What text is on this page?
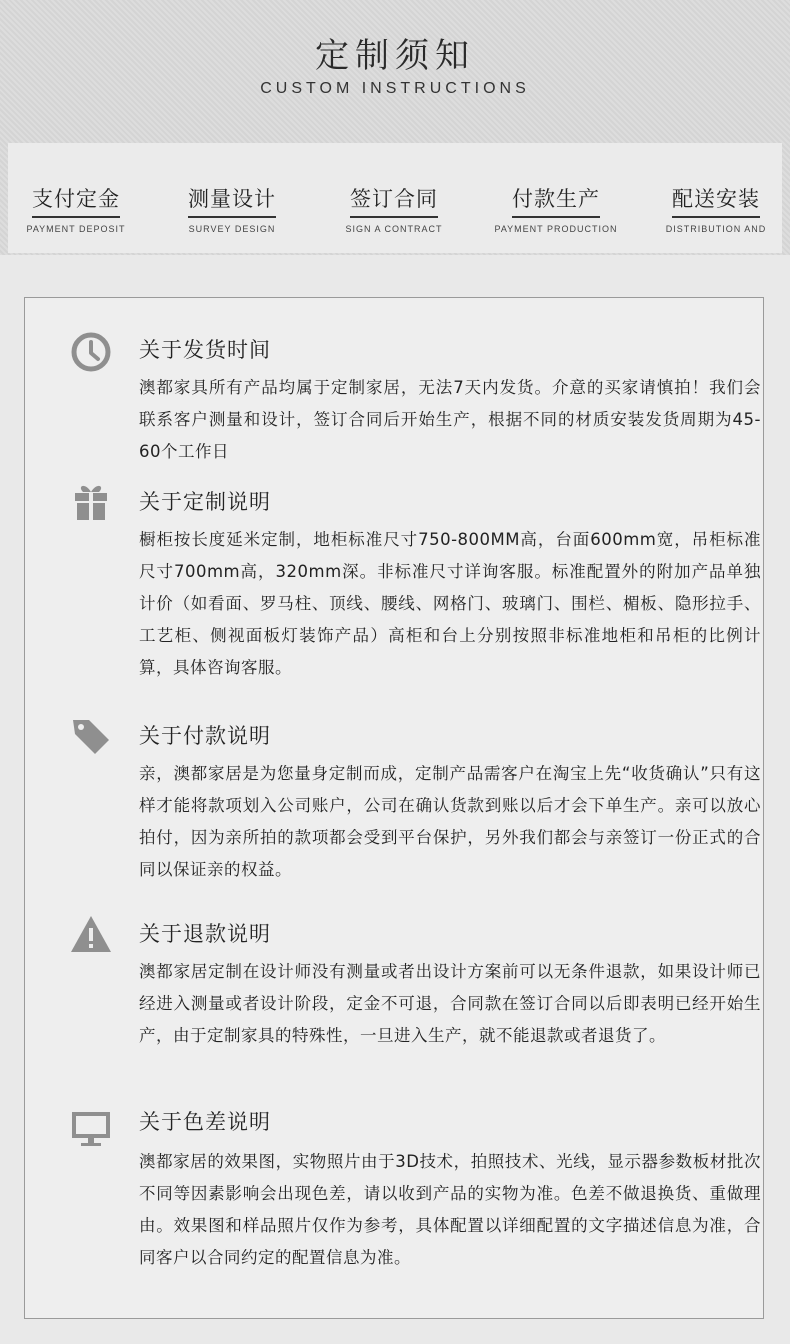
定制须知
CUSTOM INSTRUCTIONS
支付定金
PAYMENT DEPOSIT
测量设计
SURVEY DESIGN
签订合同
SIGN A CONTRACT
付款生产
PAYMENT PRODUCTION
配送安装
DISTRIBUTION AND
关于发货时间
澳都家具所有产品均属于定制家居，无法7天内发货。介意的买家请慎拍！我们会联系客户测量和设计，签订合同后开始生产，根据不同的材质安装发货周期为45-60个工作日
关于定制说明
橱柜按长度延米定制，地柜标准尺寸750-800MM高，台面600mm宽，吊柜标准尺寸700mm高，320mm深。非标准尺寸详询客服。标准配置外的附加产品单独计价（如看面、罗马柱、顶线、腰线、网格门、玻璃门、围栏、楣板、隐形拉手、工艺柜、侧视面板灯装饰产品）高柜和台上分别按照非标准地柜和吊柜的比例计算，具体咨询客服。
关于付款说明
亲，澳都家居是为您量身定制而成，定制产品需客户在淘宝上先“收货确认”只有这样才能将款项划入公司账户，公司在确认货款到账以后才会下单生产。亲可以放心拍付，因为亲所拍的款项都会受到平台保护，另外我们都会与亲签订一份正式的合同以保证亲的权益。
关于退款说明
澳都家居定制在设计师没有测量或者出设计方案前可以无条件退款，如果设计师已经进入测量或者设计阶段，定金不可退，合同款在签订合同以后即表明已经开始生产，由于定制家具的特殊性，一旦进入生产，就不能退款或者退货了。
关于色差说明
澳都家居的效果图，实物照片由于3D技术，拍照技术、光线，显示器参数板材批次不同等因素影响会出现色差，请以收到产品的实物为准。色差不做退换货、重做理由。效果图和样品照片仅作为参考，具体配置以详细配置的文字描述信息为准，合同客户以合同约定的配置信息为准。
